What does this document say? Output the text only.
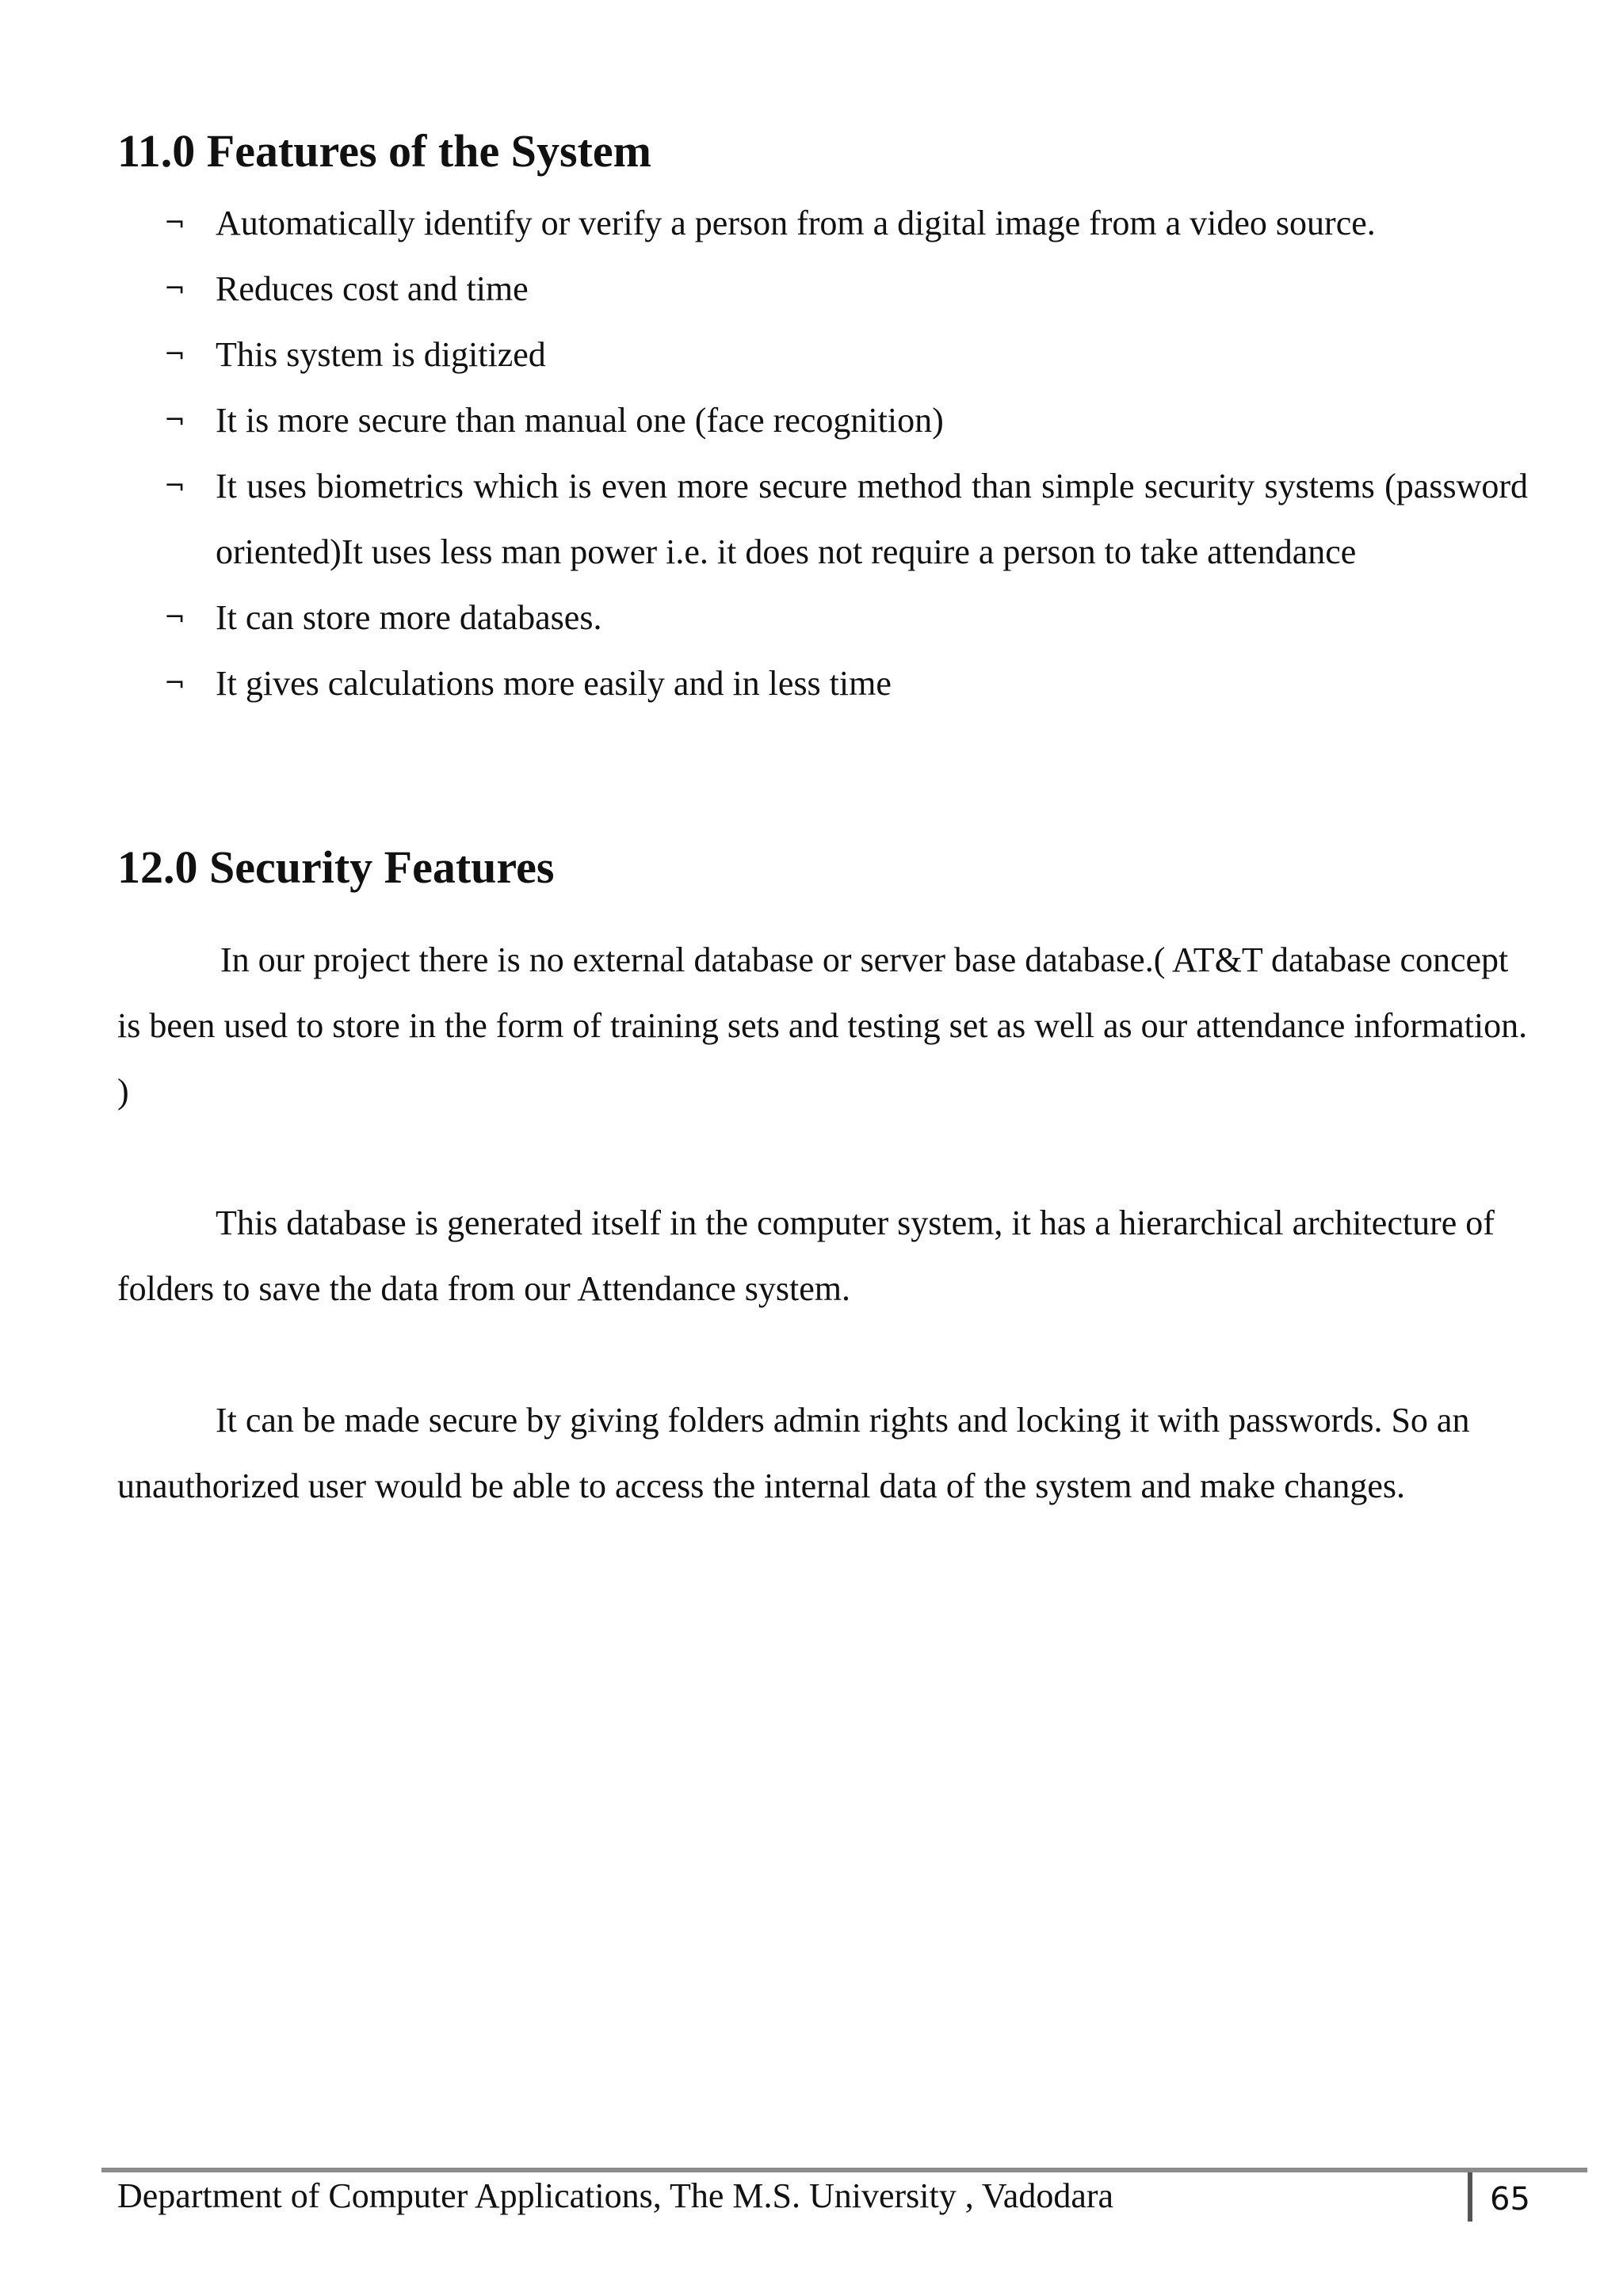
11.0 Features of the System
¬ Automatically identify or verify a person from a digital image from a video source.
¬ Reduces cost and time
¬ This system is digitized
¬ It is more secure than manual one (face recognition)
¬ It uses biometrics which is even more secure method than simple security systems (password oriented)It uses less man power i.e. it does not require a person to take attendance
¬ It can store more databases.
¬ It gives calculations more easily and in less time
12.0 Security Features

In our project there is no external database or server base database.( AT&T database concept is been used to store in the form of training sets and testing set as well as our attendance information. )

This database is generated itself in the computer system, it has a hierarchical architecture of folders to save the data from our Attendance system.

It can be made secure by giving folders admin rights and locking it with passwords. So an unauthorized user would be able to access the internal data of the system and make changes.

Department of Computer Applications, The M.S. University , Vadodara	65
